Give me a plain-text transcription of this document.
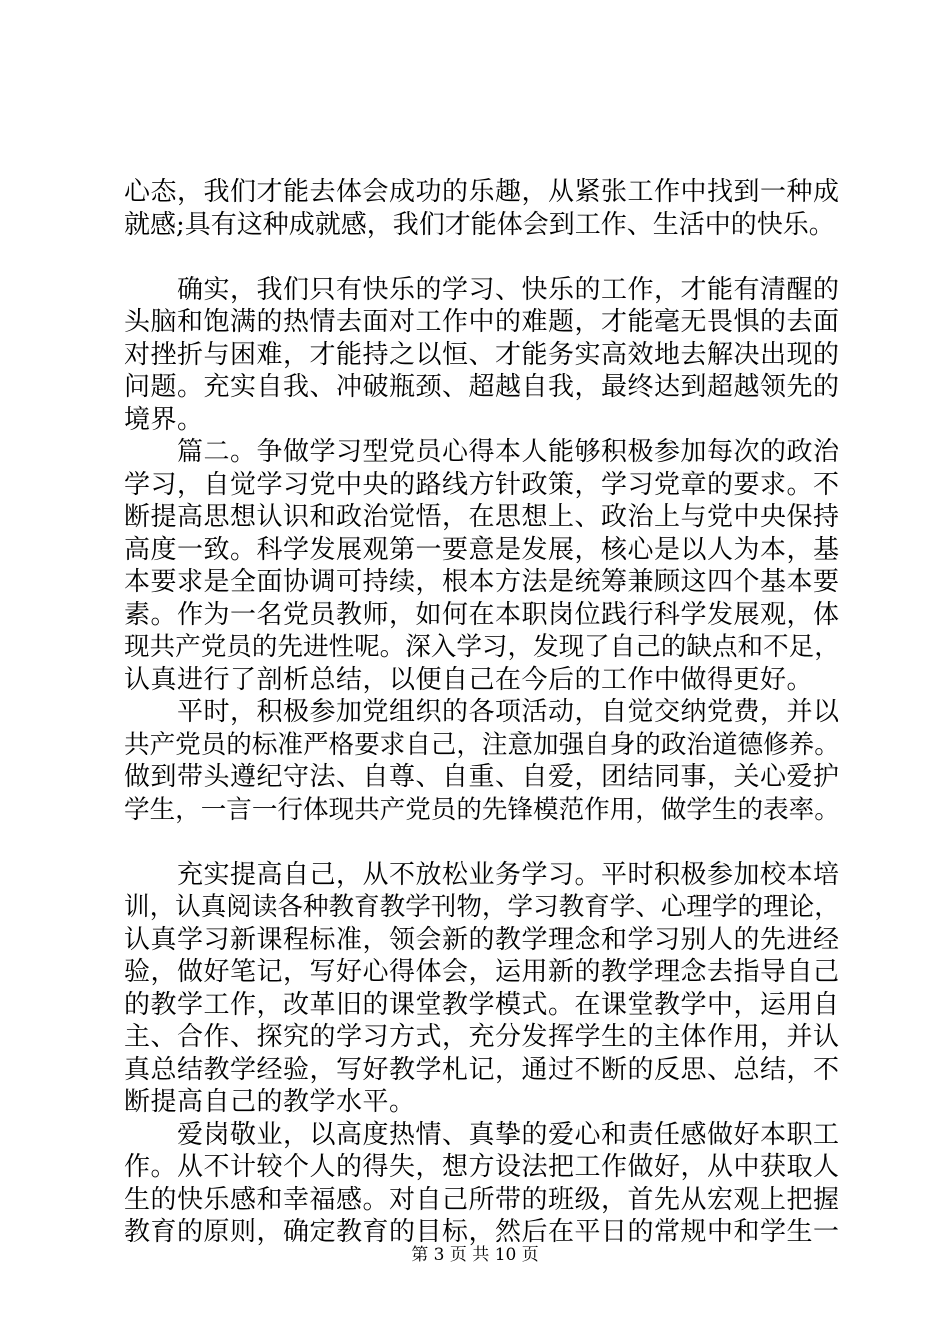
心态，我们才能去体会成功的乐趣，从紧张工作中找到一种成
就感;具有这种成就感，我们才能体会到工作、生活中的快乐。
　　确实，我们只有快乐的学习、快乐的工作，才能有清醒的
头脑和饱满的热情去面对工作中的难题，才能毫无畏惧的去面
对挫折与困难，才能持之以恒、才能务实高效地去解决出现的
问题。充实自我、冲破瓶颈、超越自我，最终达到超越领先的
境界。
　　篇二。争做学习型党员心得本人能够积极参加每次的政治
学习，自觉学习党中央的路线方针政策，学习党章的要求。不
断提高思想认识和政治觉悟，在思想上、政治上与党中央保持
高度一致。科学发展观第一要意是发展，核心是以人为本，基
本要求是全面协调可持续，根本方法是统筹兼顾这四个基本要
素。作为一名党员教师，如何在本职岗位践行科学发展观，体
现共产党员的先进性呢。深入学习，发现了自己的缺点和不足，
认真进行了剖析总结，以便自己在今后的工作中做得更好。
　　平时，积极参加党组织的各项活动，自觉交纳党费，并以
共产党员的标准严格要求自己，注意加强自身的政治道德修养。
做到带头遵纪守法、自尊、自重、自爱，团结同事，关心爱护
学生，一言一行体现共产党员的先锋模范作用，做学生的表率。
　　充实提高自己，从不放松业务学习。平时积极参加校本培
训，认真阅读各种教育教学刊物，学习教育学、心理学的理论，
认真学习新课程标准，领会新的教学理念和学习别人的先进经
验，做好笔记，写好心得体会，运用新的教学理念去指导自己
的教学工作，改革旧的课堂教学模式。在课堂教学中，运用自
主、合作、探究的学习方式，充分发挥学生的主体作用，并认
真总结教学经验，写好教学札记，通过不断的反思、总结，不
断提高自己的教学水平。
　　爱岗敬业，以高度热情、真挚的爱心和责任感做好本职工
作。从不计较个人的得失，想方设法把工作做好，从中获取人
生的快乐感和幸福感。对自己所带的班级，首先从宏观上把握
教育的原则，确定教育的目标，然后在平日的常规中和学生一
第 3 页 共 10 页
